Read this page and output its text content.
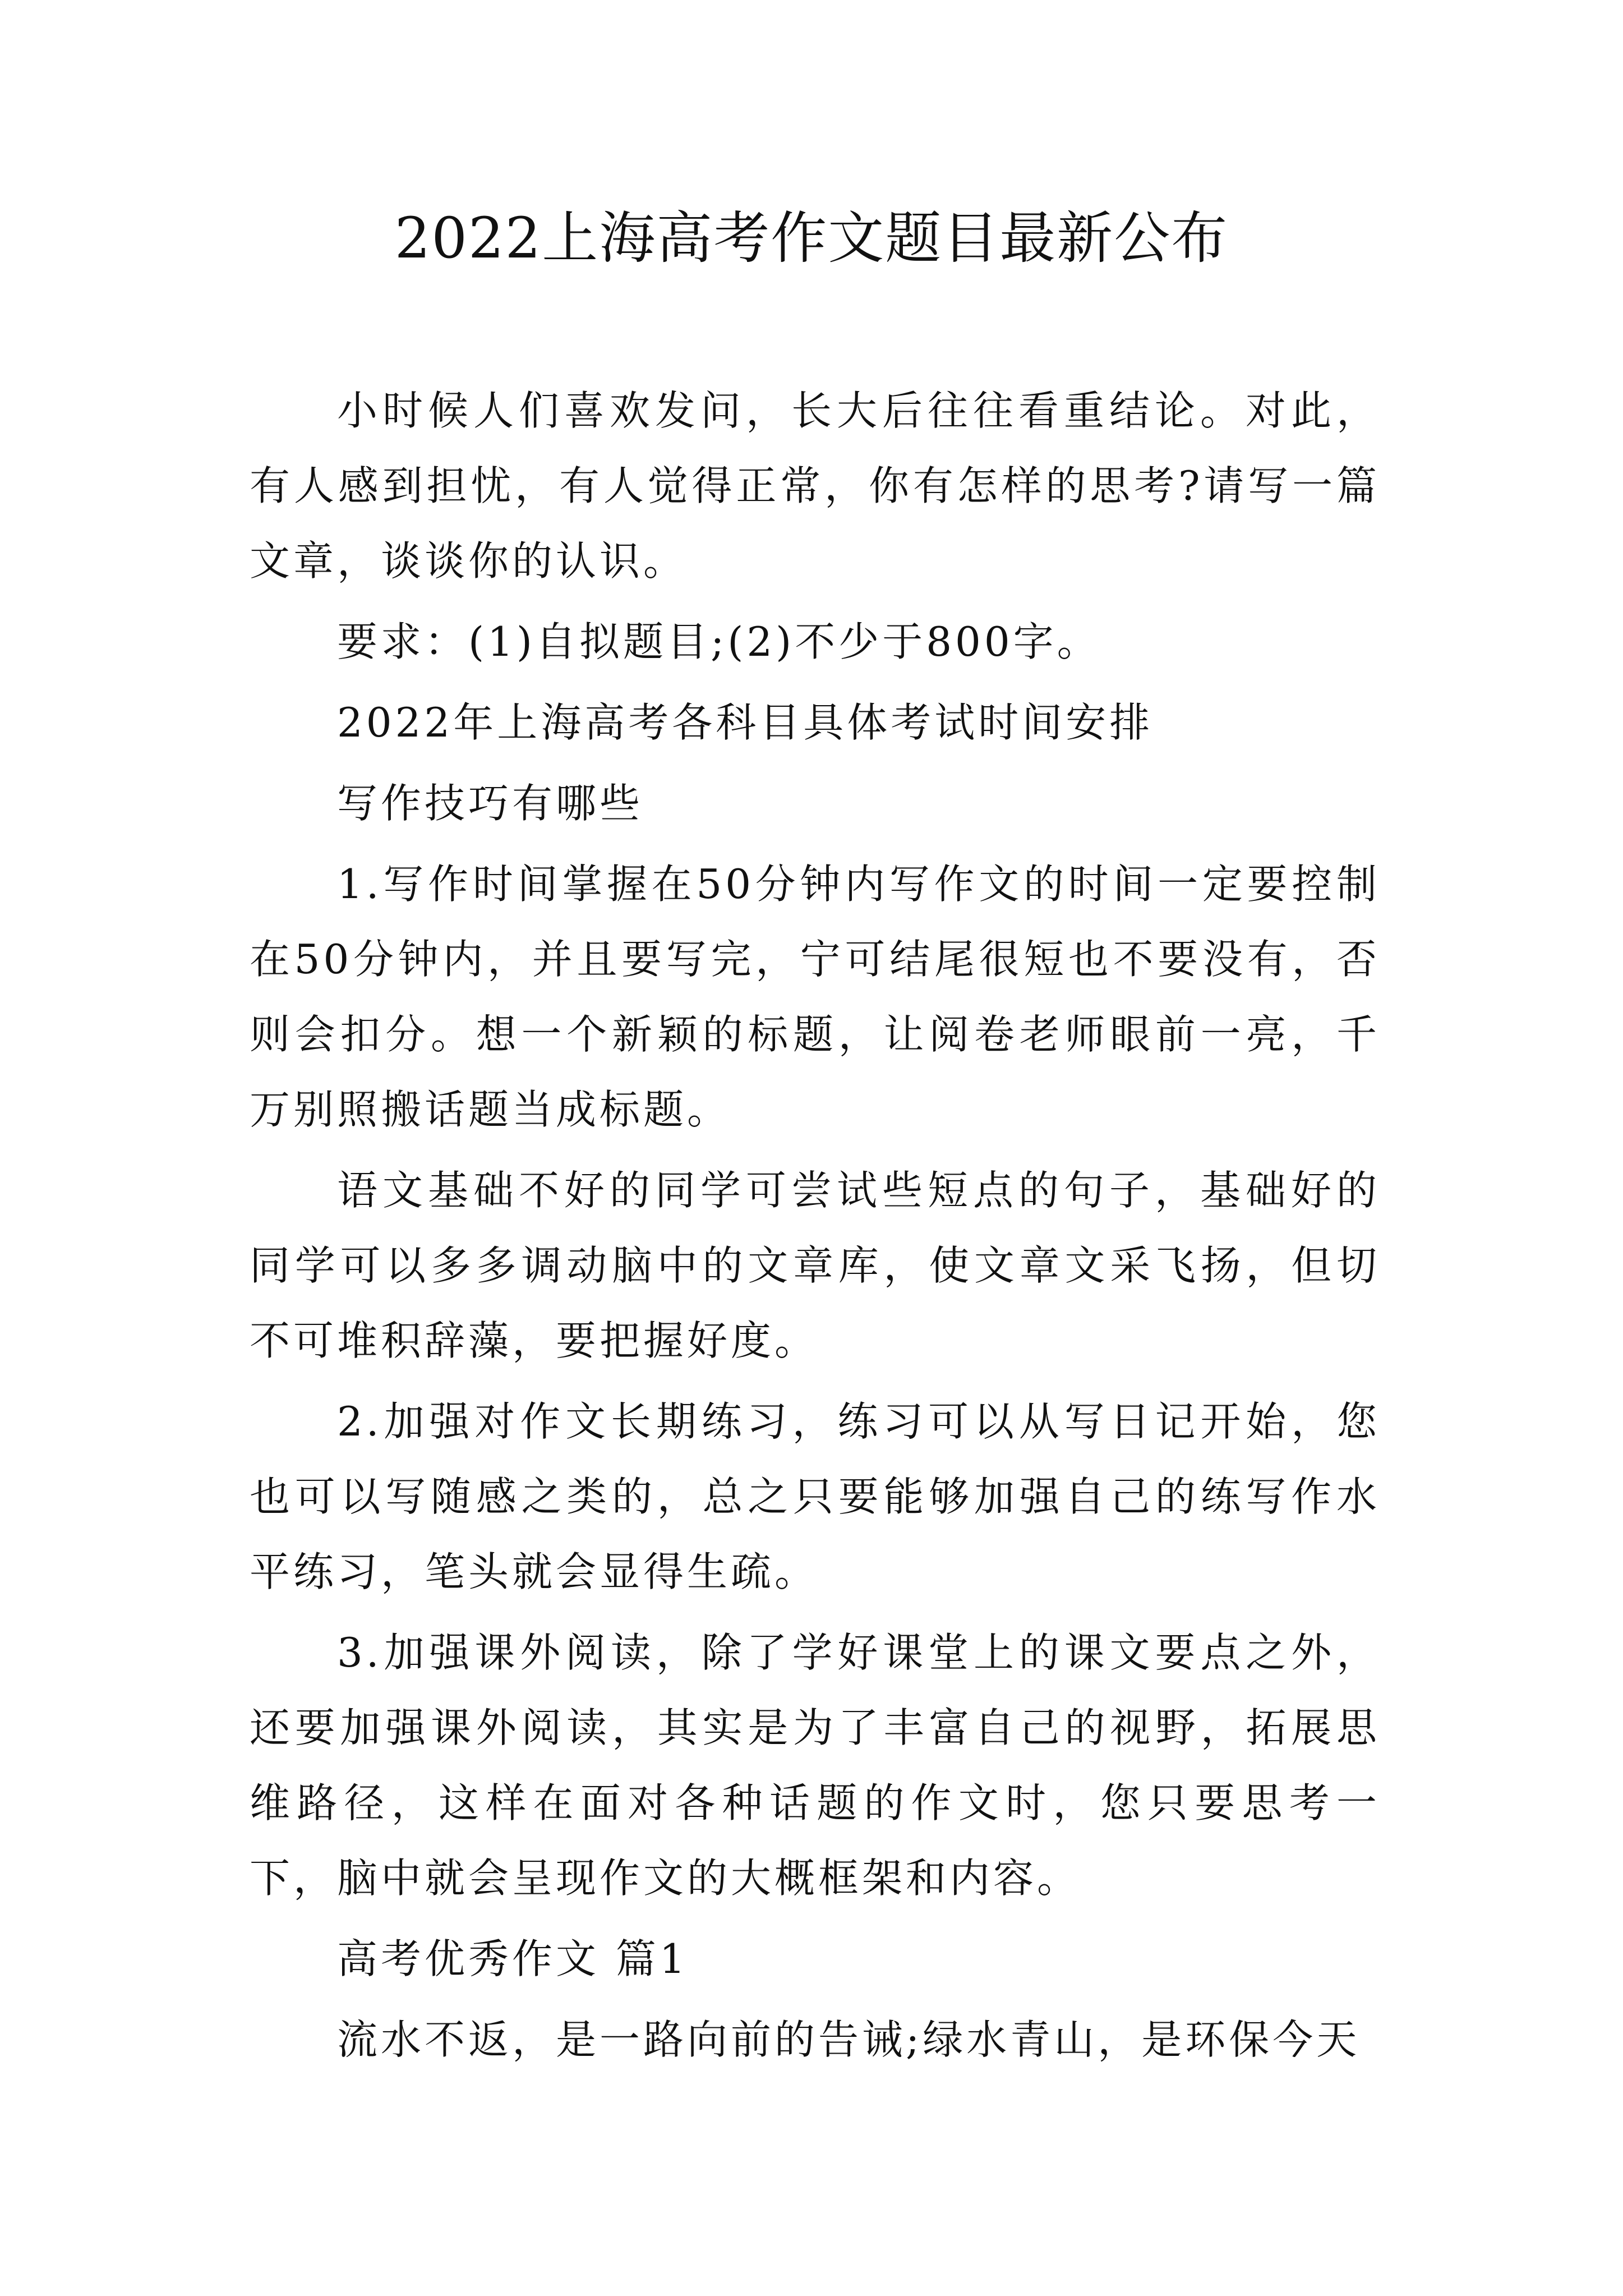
2022上海高考作文题目最新公布

小时候人们喜欢发问，长大后往往看重结论。对此，有人感到担忧，有人觉得正常，你有怎样的思考?请写一篇文章，谈谈你的认识。

要求：(1)自拟题目;(2)不少于800字。

2022年上海高考各科目具体考试时间安排

写作技巧有哪些

1.写作时间掌握在50分钟内写作文的时间一定要控制在50分钟内，并且要写完，宁可结尾很短也不要没有，否则会扣分。想一个新颖的标题，让阅卷老师眼前一亮，千万别照搬话题当成标题。

语文基础不好的同学可尝试些短点的句子，基础好的同学可以多多调动脑中的文章库，使文章文采飞扬，但切不可堆积辞藻，要把握好度。

2.加强对作文长期练习，练习可以从写日记开始，您也可以写随感之类的，总之只要能够加强自己的练写作水平练习，笔头就会显得生疏。

3.加强课外阅读，除了学好课堂上的课文要点之外，还要加强课外阅读，其实是为了丰富自己的视野，拓展思维路径，这样在面对各种话题的作文时，您只要思考一下，脑中就会呈现作文的大概框架和内容。

高考优秀作文 篇1

流水不返，是一路向前的告诫;绿水青山，是环保今天
